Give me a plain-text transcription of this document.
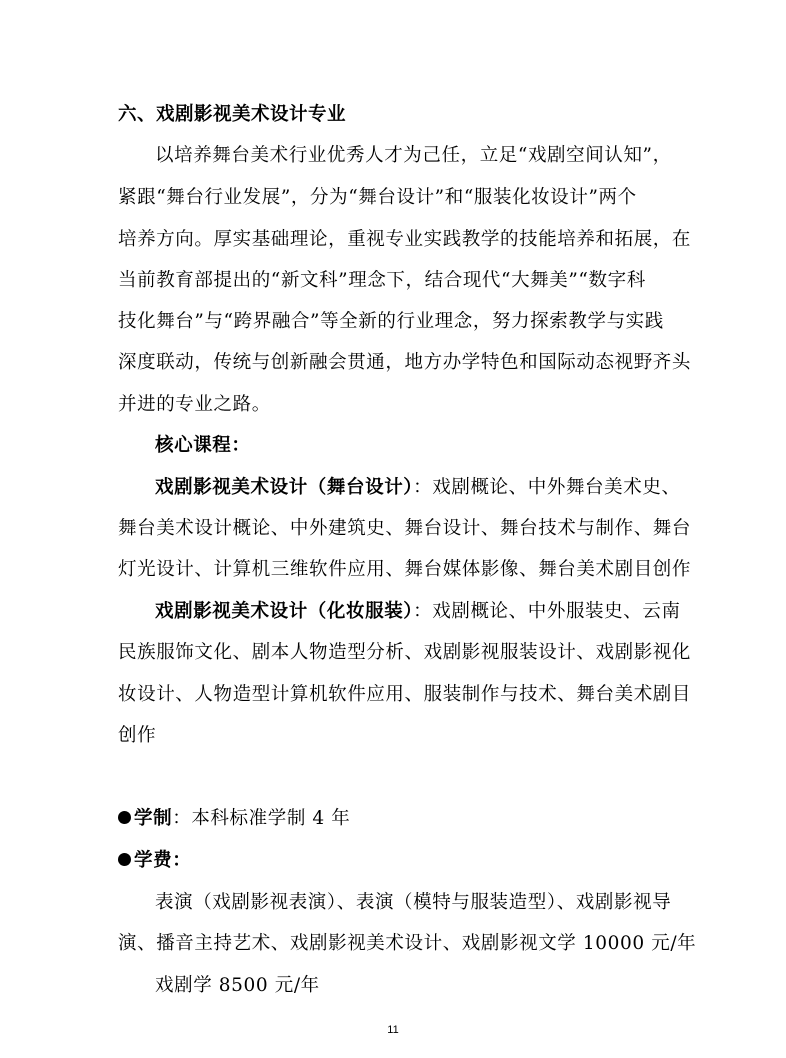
六、戏剧影视美术设计专业
以培养舞台美术行业优秀人才为己任，立足“戏剧空间认知”，
紧跟“舞台行业发展”，分为“舞台设计”和“服装化妆设计”两个
培养方向。厚实基础理论，重视专业实践教学的技能培养和拓展，在
当前教育部提出的“新文科”理念下，结合现代“大舞美”“数字科
技化舞台”与“跨界融合”等全新的行业理念，努力探索教学与实践
深度联动，传统与创新融会贯通，地方办学特色和国际动态视野齐头
并进的专业之路。
核心课程：
戏剧影视美术设计（舞台设计）：戏剧概论、中外舞台美术史、
舞台美术设计概论、中外建筑史、舞台设计、舞台技术与制作、舞台
灯光设计、计算机三维软件应用、舞台媒体影像、舞台美术剧目创作
戏剧影视美术设计（化妆服装）：戏剧概论、中外服装史、云南
民族服饰文化、剧本人物造型分析、戏剧影视服装设计、戏剧影视化
妆设计、人物造型计算机软件应用、服装制作与技术、舞台美术剧目
创作
学制：本科标准学制 4 年
学费：
表演（戏剧影视表演）、表演（模特与服装造型）、戏剧影视导
演、播音主持艺术、戏剧影视美术设计、戏剧影视文学 10000 元/年
戏剧学 8500 元/年
11
